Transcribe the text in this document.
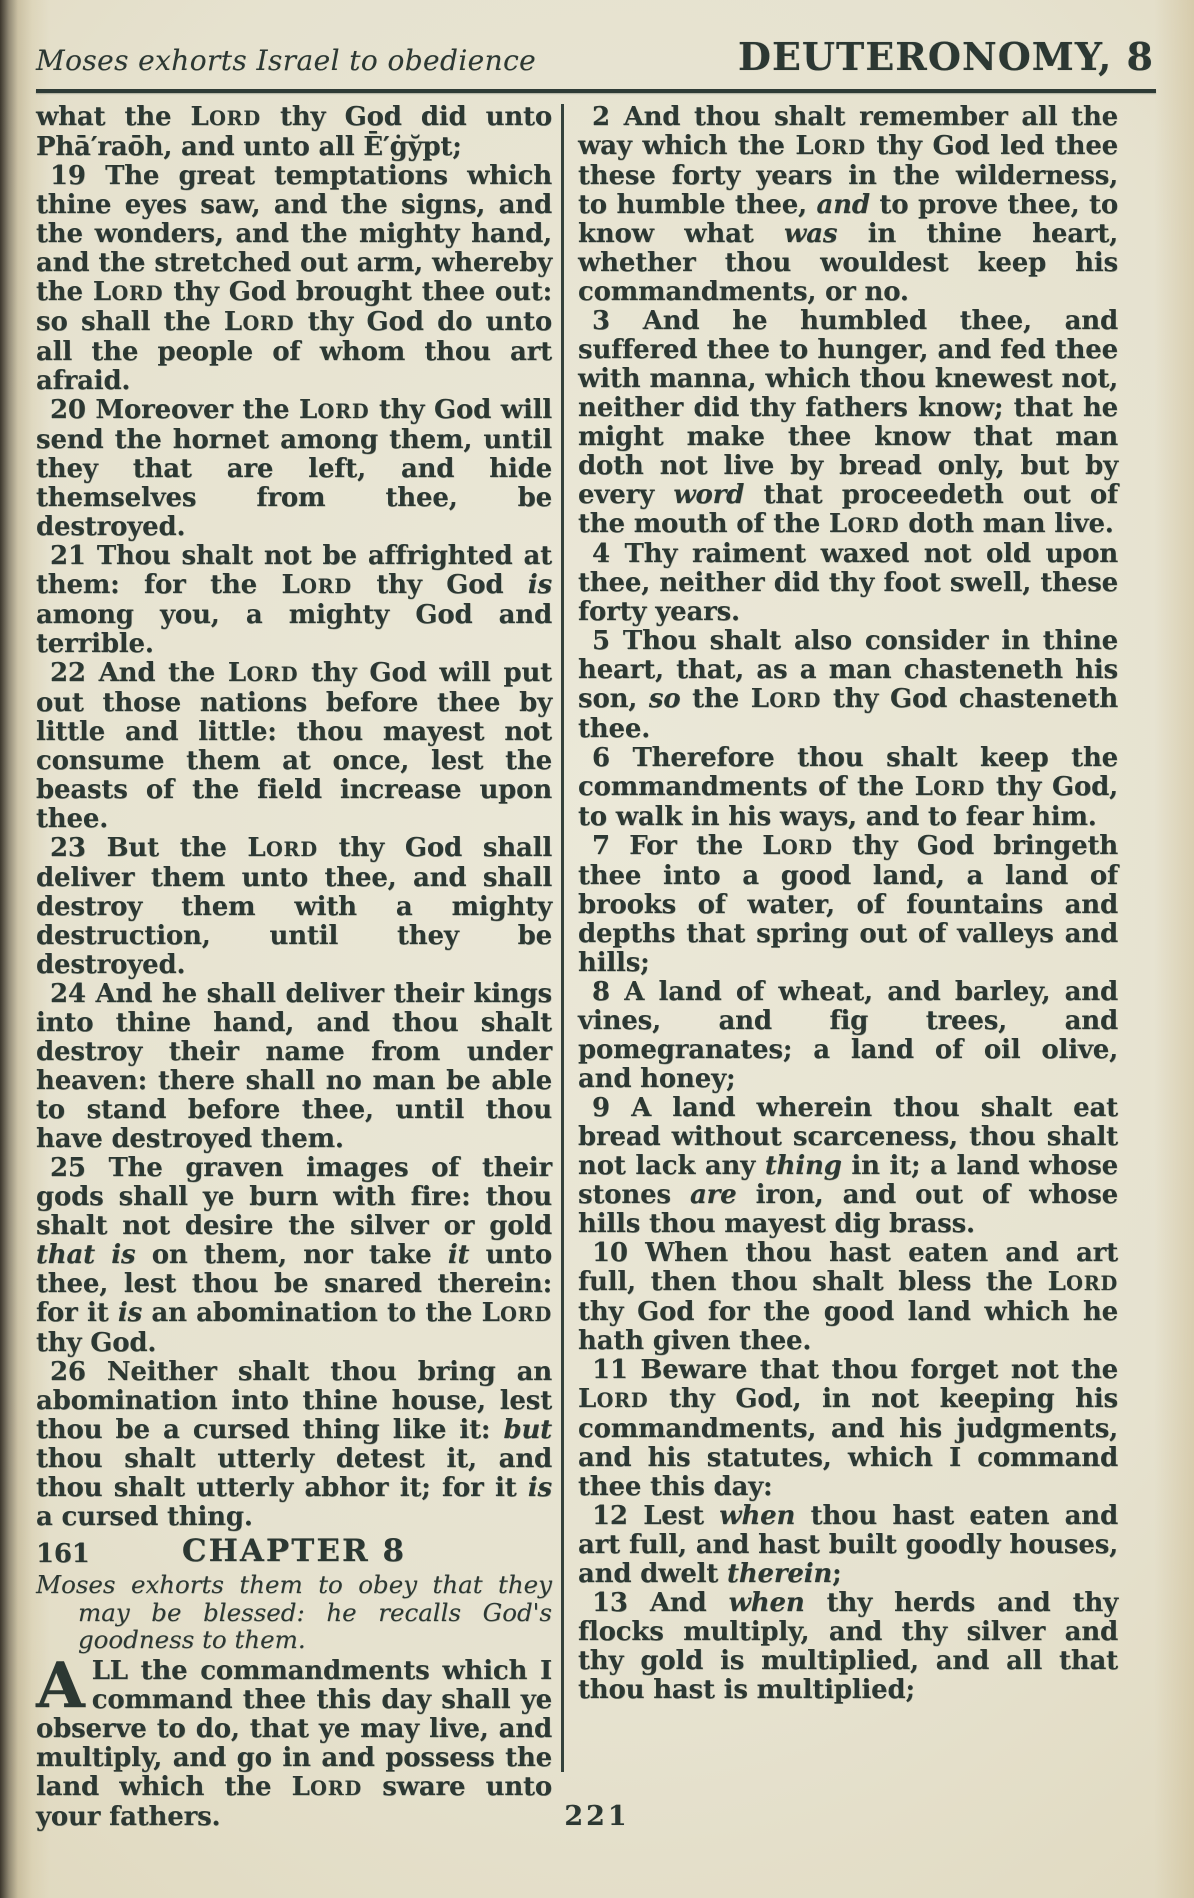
Moses exhorts Israel to obedience	DEUTERONOMY, 8

what the LORD thy God did unto Phā′raōh, and unto all Ē′ġy̆pt;

19 The great temptations which thine eyes saw, and the signs, and the wonders, and the mighty hand, and the stretched out arm, whereby the LORD thy God brought thee out: so shall the LORD thy God do unto all the people of whom thou art afraid.

20 Moreover the LORD thy God will send the hornet among them, until they that are left, and hide themselves from thee, be destroyed.

21 Thou shalt not be affrighted at them: for the LORD thy God is among you, a mighty God and terrible.

22 And the LORD thy God will put out those nations before thee by little and little: thou mayest not consume them at once, lest the beasts of the field increase upon thee.

23 But the LORD thy God shall deliver them unto thee, and shall destroy them with a mighty destruction, until they be destroyed.

24 And he shall deliver their kings into thine hand, and thou shalt destroy their name from under heaven: there shall no man be able to stand before thee, until thou have destroyed them.

25 The graven images of their gods shall ye burn with fire: thou shalt not desire the silver or gold that is on them, nor take it unto thee, lest thou be snared therein: for it is an abomination to the LORD thy God.

26 Neither shalt thou bring an abomination into thine house, lest thou be a cursed thing like it: but thou shalt utterly detest it, and thou shalt utterly abhor it; for it is a cursed thing.

161	CHAPTER 8

Moses exhorts them to obey that they may be blessed: he recalls God's goodness to them.

ALL the commandments which I command thee this day shall ye observe to do, that ye may live, and multiply, and go in and possess the land which the LORD sware unto your fathers.

2 And thou shalt remember all the way which the LORD thy God led thee these forty years in the wilderness, to humble thee, and to prove thee, to know what was in thine heart, whether thou wouldest keep his commandments, or no.

3 And he humbled thee, and suffered thee to hunger, and fed thee with manna, which thou knewest not, neither did thy fathers know; that he might make thee know that man doth not live by bread only, but by every word that proceedeth out of the mouth of the LORD doth man live.

4 Thy raiment waxed not old upon thee, neither did thy foot swell, these forty years.

5 Thou shalt also consider in thine heart, that, as a man chasteneth his son, so the LORD thy God chasteneth thee.

6 Therefore thou shalt keep the commandments of the LORD thy God, to walk in his ways, and to fear him.

7 For the LORD thy God bringeth thee into a good land, a land of brooks of water, of fountains and depths that spring out of valleys and hills;

8 A land of wheat, and barley, and vines, and fig trees, and pomegranates; a land of oil olive, and honey;

9 A land wherein thou shalt eat bread without scarceness, thou shalt not lack any thing in it; a land whose stones are iron, and out of whose hills thou mayest dig brass.

10 When thou hast eaten and art full, then thou shalt bless the LORD thy God for the good land which he hath given thee.

11 Beware that thou forget not the LORD thy God, in not keeping his commandments, and his judgments, and his statutes, which I command thee this day:

12 Lest when thou hast eaten and art full, and hast built goodly houses, and dwelt therein;

13 And when thy herds and thy flocks multiply, and thy silver and thy gold is multiplied, and all that thou hast is multiplied;

221
